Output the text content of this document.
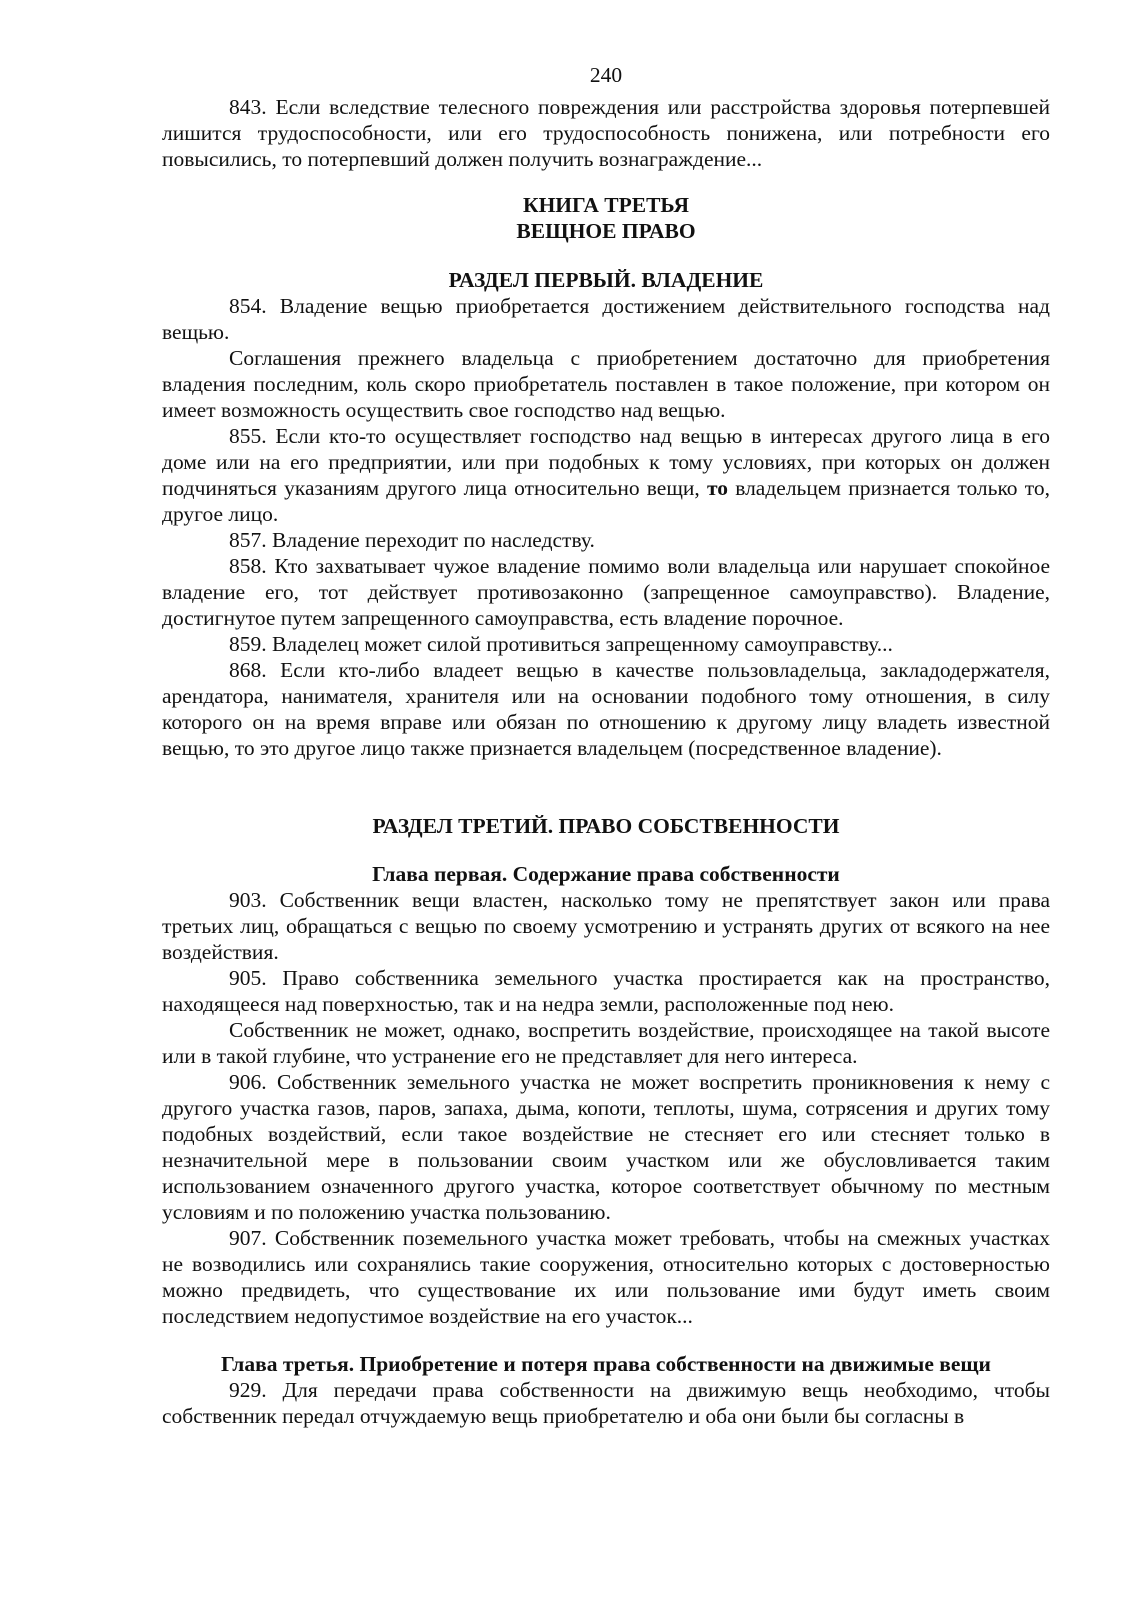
240

843. Если вследствие телесного повреждения или расстройства здоровья потерпевшей лишится трудоспособности, или его трудоспособность понижена, или потребности его повысились, то потерпевший должен получить вознаграждение...

КНИГА ТРЕТЬЯ

ВЕЩНОЕ ПРАВО

РАЗДЕЛ ПЕРВЫЙ. ВЛАДЕНИЕ

854. Владение вещью приобретается достижением действительного господства над вещью.

Соглашения прежнего владельца с приобретением достаточно для приобретения владения последним, коль скоро приобретатель поставлен в такое положение, при котором он имеет возможность осуществить свое господство над вещью.

855. Если кто-то осуществляет господство над вещью в интересах другого лица в его доме или на его предприятии, или при подобных к тому условиях, при которых он должен подчиняться указаниям другого лица относительно вещи, то владельцем признается только то, другое лицо.

857. Владение переходит по наследству.

858. Кто захватывает чужое владение помимо воли владельца или нарушает спокойное владение его, тот действует противозаконно (запрещенное самоуправство). Владение, достигнутое путем запрещенного самоуправства, есть владение порочное.

859. Владелец может силой противиться запрещенному самоуправству...

868. Если кто-либо владеет вещью в качестве пользовладельца, закладодержателя, арендатора, нанимателя, хранителя или на основании подобного тому отношения, в силу которого он на время вправе или обязан по отношению к другому лицу владеть известной вещью, то это другое лицо также признается владельцем (посредственное владение).

РАЗДЕЛ ТРЕТИЙ. ПРАВО СОБСТВЕННОСТИ

Глава первая. Содержание права собственности

903. Собственник вещи властен, насколько тому не препятствует закон или права третьих лиц, обращаться с вещью по своему усмотрению и устранять других от всякого на нее воздействия.

905. Право собственника земельного участка простирается как на пространство, находящееся над поверхностью, так и на недра земли, расположенные под нею.

Собственник не может, однако, воспретить воздействие, происходящее на такой высоте или в такой глубине, что устранение его не представляет для него интереса.

906. Собственник земельного участка не может воспретить проникновения к нему с другого участка газов, паров, запаха, дыма, копоти, теплоты, шума, сотрясения и других тому подобных воздействий, если такое воздействие не стесняет его или стесняет только в незначительной мере в пользовании своим участком или же обусловливается таким использованием означенного другого участка, которое соответствует обычному по местным условиям и по положению участка пользованию.

907. Собственник поземельного участка может требовать, чтобы на смежных участках не возводились или сохранялись такие сооружения, относительно которых с достоверностью можно предвидеть, что существование их или пользование ими будут иметь своим последствием недопустимое воздействие на его участок...

Глава третья. Приобретение и потеря права собственности на движимые вещи

929. Для передачи права собственности на движимую вещь необходимо, чтобы собственник передал отчуждаемую вещь приобретателю и оба они были бы согласны в
